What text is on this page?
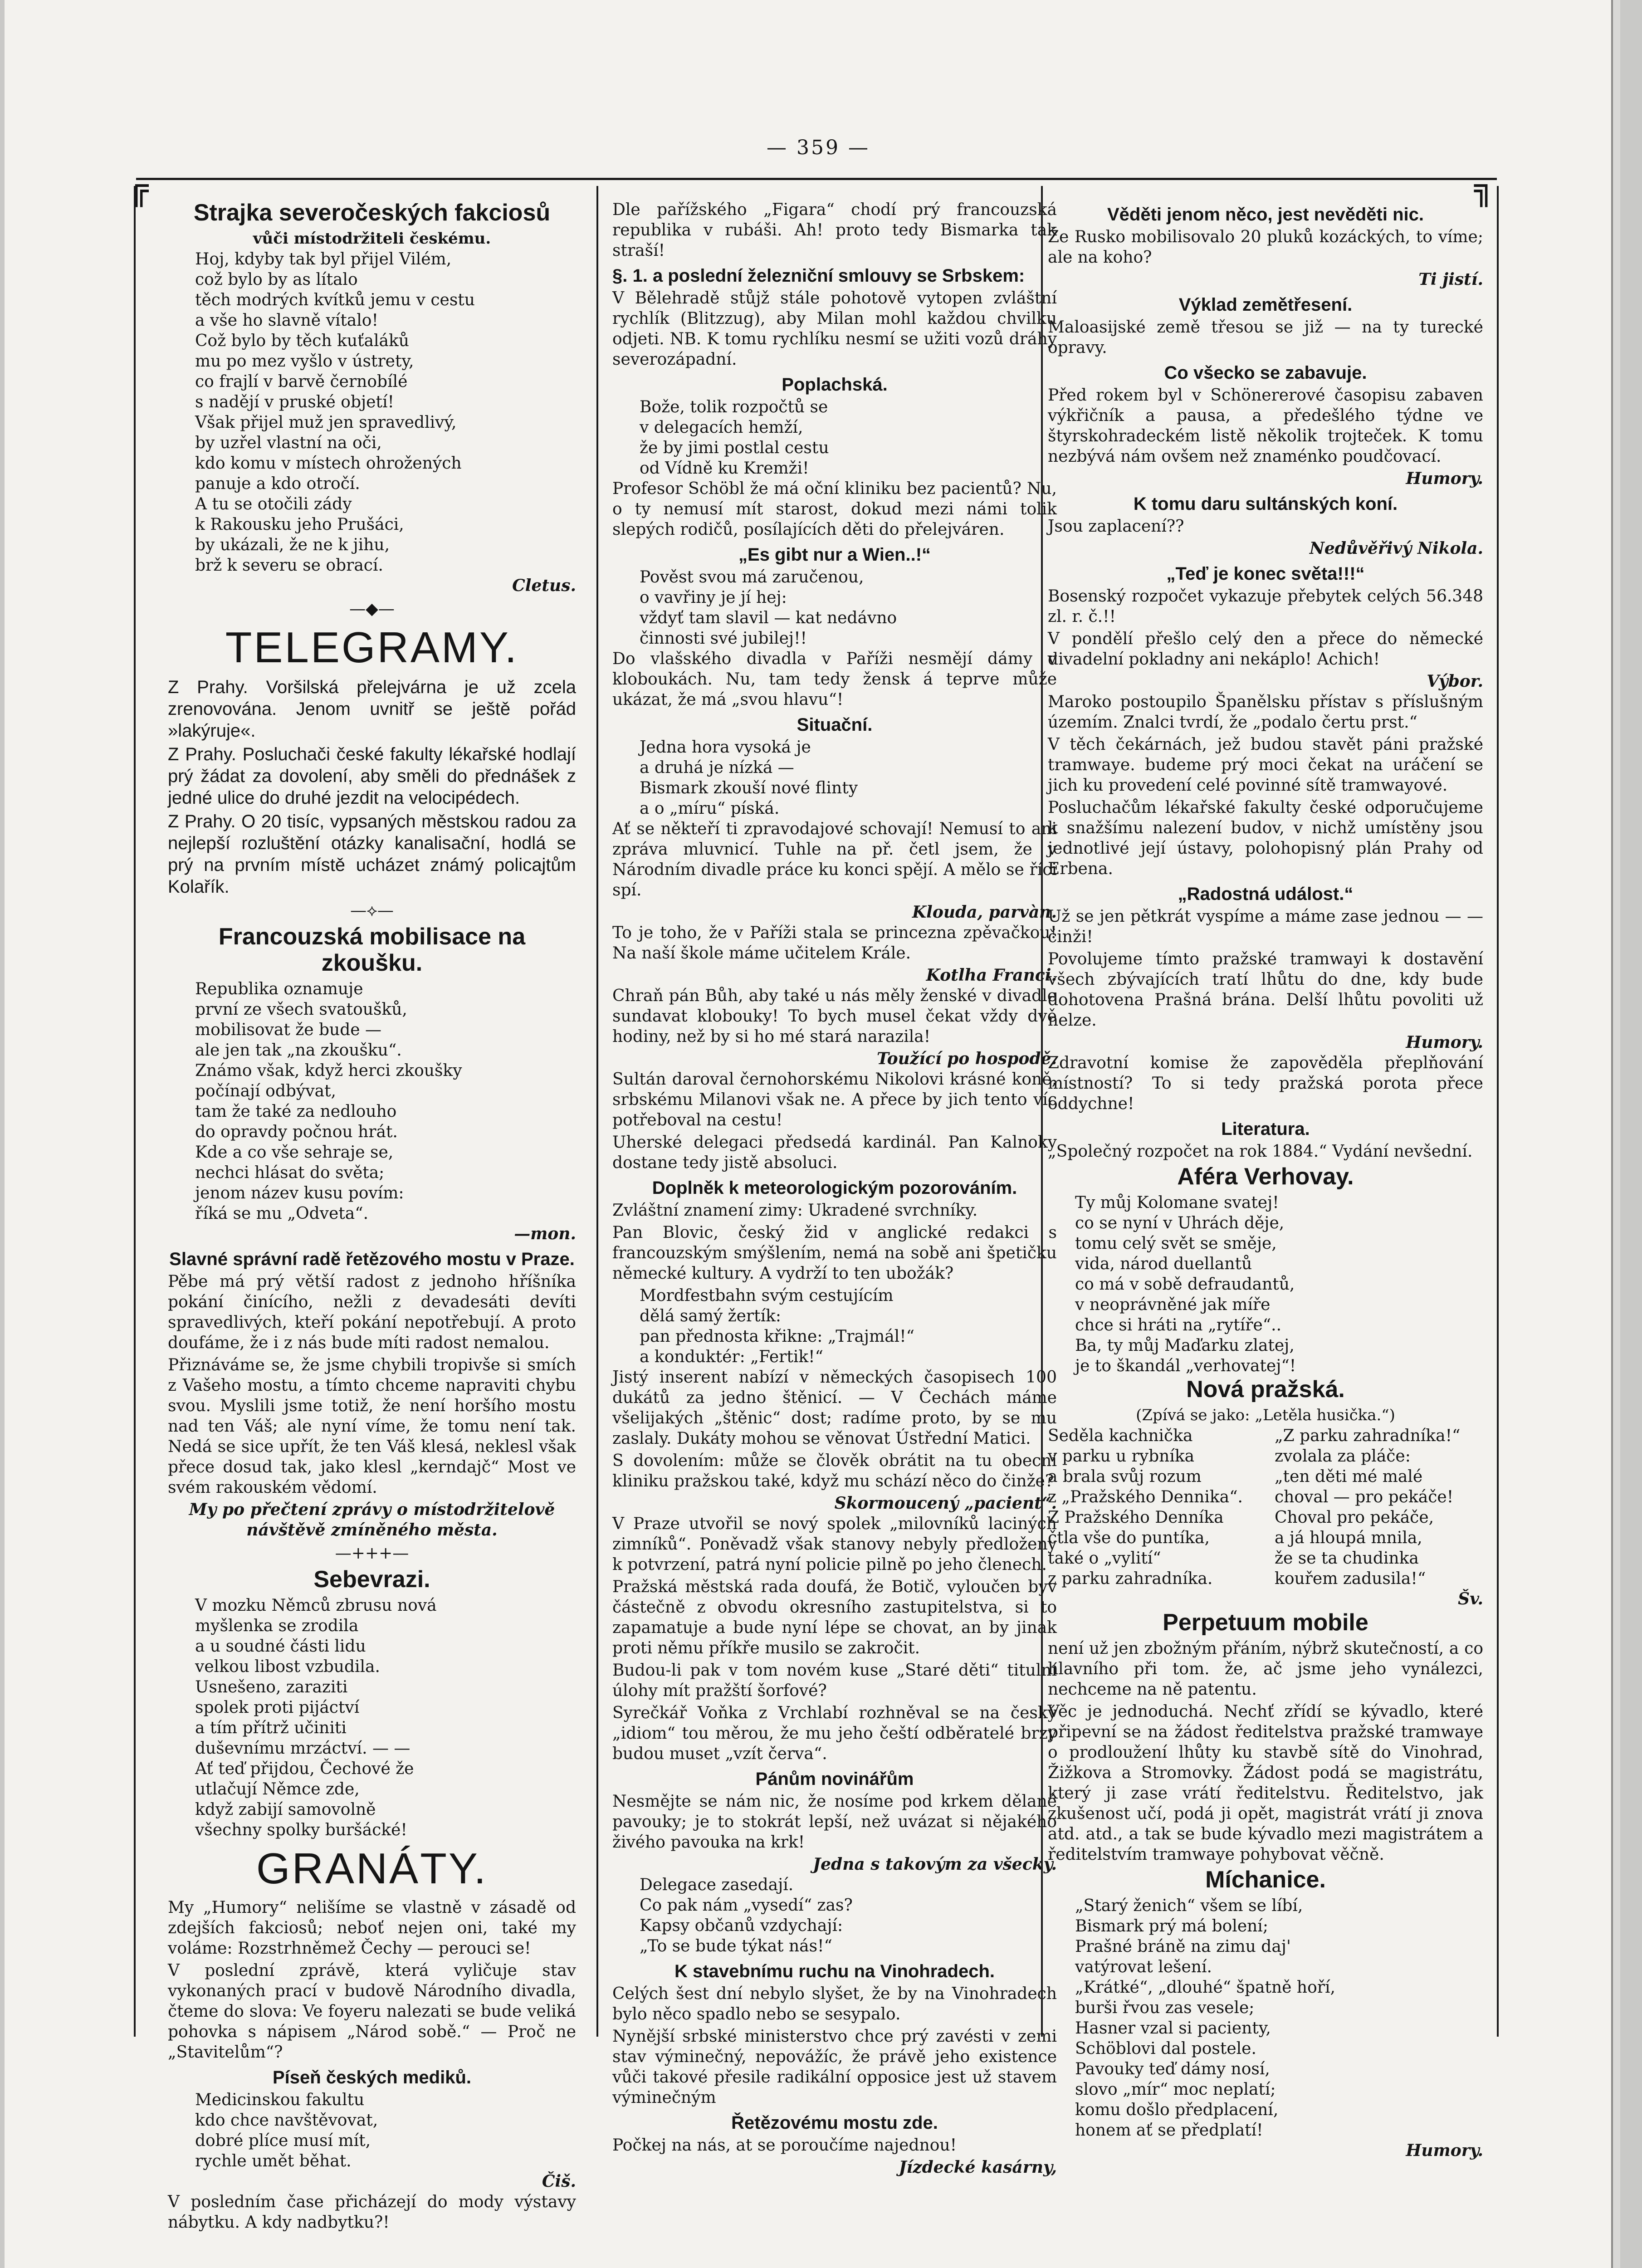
— 359 —
╔	╗
Strajka severočeských fakciosů
vůči místodržiteli českému.
Hoj, kdyby tak byl přijel Vilém,
což bylo by as lítalo
těch modrých kvítků jemu v cestu
a vše ho slavně vítalo!
Což bylo by těch kuťaláků
mu po mez vyšlo v ústrety,
co frajlí v barvě černobílé
s nadějí v pruské objetí!
Však přijel muž jen spravedlivý,
by uzřel vlastní na oči,
kdo komu v místech ohrožených
panuje a kdo otročí.
A tu se otočili zády
k Rakousku jeho Prušáci,
by ukázali, že ne k jihu,
brž k severu se obrací.
Cletus.
—◆—
TELEGRAMY.

Z Prahy. Voršilská přelejvárna je už zcela zrenovována. Jenom uvnitř se ještě pořád »lakýruje«.

Z Prahy. Posluchači české fakulty lékařské hodlají prý žádat za dovolení, aby směli do přednášek z jedné ulice do druhé jezdit na velocipédech.

Z Prahy. O 20 tisíc, vypsaných městskou radou za nejlepší rozluštění otázky kanalisační, hodlá se prý na prvním místě ucházet známý policajtům Kolařík.

—⟡—
Francouzská mobilisace na zkoušku.
Republika oznamuje
první ze všech svatoušků,
mobilisovat že bude —
ale jen tak „na zkoušku“.
Známo však, když herci zkoušky
počínají odbývat,
tam že také za nedlouho
do opravdy počnou hrát.
Kde a co vše sehraje se,
nechci hlásat do světa;
jenom název kusu povím:
říká se mu „Odveta“.
—mon.
Slavné správní radě řetězového mostu v Praze.

Pěbe má prý větší radost z jednoho hříšníka pokání činícího, nežli z devadesáti devíti spravedlivých, kteří pokání nepotřebují. A proto doufáme, že i z nás bude míti radost nemalou.

Přiznáváme se, že jsme chybili tropivše si smích z Vašeho mostu, a tímto chceme napraviti chybu svou. Myslili jsme totiž, že není horšího mostu nad ten Váš; ale nyní víme, že tomu není tak. Nedá se sice upřít, že ten Váš klesá, neklesl však přece dosud tak, jako klesl „kerndajč“ Most ve svém rakouském vědomí.

My po přečtení zprávy o místodržitelově návštěvě zmíněného města.

—+++—
Sebevrazi.
V mozku Němců zbrusu nová
myšlenka se zrodila
a u soudné části lidu
velkou libost vzbudila.
Usnešeno, zaraziti
spolek proti pijáctví
a tím přítrž učiniti
duševnímu mrzáctví. — —
Ať teď přijdou, Čechové že
utlačují Němce zde,
když zabijí samovolně
všechny spolky buršácké!
GRANÁTY.

My „Humory“ nelišíme se vlastně v zásadě od zdejších fakciosů; neboť nejen oni, také my voláme: Rozstrhněmež Čechy — perouci se!

V poslední zprávě, která vyličuje stav vykonaných prací v budově Národního divadla, čteme do slova: Ve foyeru nalezati se bude veliká pohovka s nápisem „Národ sobě.“ — Proč ne „Stavitelům“?

Píseň českých mediků.
Medicinskou fakultu
kdo chce navštěvovat,
dobré plíce musí mít,
rychle umět běhat.
Čiš.

V posledním čase přicházejí do mody výstavy nábytku. A kdy nadbytku?!

Dle pařížského „Figara“ chodí prý francouzská republika v rubáši. Ah! proto tedy Bismarka tak straší!

§. 1. a poslední železniční smlouvy se Srbskem:

V Bělehradě stůjž stále pohotově vytopen zvláštní rychlík (Blitzzug), aby Milan mohl každou chvilku odjeti. NB. K tomu rychlíku nesmí se užiti vozů dráhy severozápadní.

Poplachská.
Bože, tolik rozpočtů se
v delegacích hemží,
že by jimi postlal cestu
od Vídně ku Kremži!

Profesor Schöbl že má oční kliniku bez pacientů? Nu, o ty nemusí mít starost, dokud mezi námi tolik slepých rodičů, posílajících děti do přelejváren.

„Es gibt nur a Wien..!“
Pověst svou má zaručenou,
o vavřiny je jí hej:
vždyť tam slavil — kat nedávno
činnosti své jubilej!!

Do vlašského divadla v Paříži nesmějí dámy v kloboukách. Nu, tam tedy žensk á teprve může ukázat, že má „svou hlavu“!

Situační.
Jedna hora vysoká je
a druhá je nízká —
Bismark zkouší nové flinty
a o „míru“ píská.

Ať se někteří ti zpravodajové schovají! Nemusí to ani zpráva mluvnicí. Tuhle na př. četl jsem, že v Národním divadle práce ku konci spějí. A mělo se říci spí.

Klouda, parvàn.

To je toho, že v Paříži stala se princezna zpěvačkou! Na naší škole máme učitelem Krále.

Kotlha Franci.

Chraň pán Bůh, aby také u nás měly ženské v divadle sundavat klobouky! To bych musel čekat vždy dvě hodiny, než by si ho mé stará narazila!

Toužící po hospodě.

Sultán daroval černohorskému Nikolovi krásné koně, srbskému Milanovi však ne. A přece by jich tento víc potřeboval na cestu!

Uherské delegaci předsedá kardinál. Pan Kalnoky dostane tedy jistě absoluci.

Doplněk k meteorologickým pozorováním.

Zvláštní znamení zimy: Ukradené svrchníky.

Pan Blovic, český žid v anglické redakci s francouzským smýšlením, nemá na sobě ani špetičku německé kultury. A vydrží to ten ubožák?

Mordfestbahn svým cestujícím
dělá samý žertík:
pan přednosta křikne: „Trajmál!“
a konduktér: „Fertik!“

Jistý inserent nabízí v německých časopisech 100 dukátů za jedno štěnicí. — V Čechách máme všelijakých „štěnic“ dost; radíme proto, by se mu zaslaly. Dukáty mohou se věnovat Ústřední Matici.

S dovolením: může se člověk obrátit na tu obecní kliniku pražskou také, když mu schází něco do činže?

Skormoucený „pacient“.

V Praze utvořil se nový spolek „milovníků laciných zimníků“. Poněvadž však stanovy nebyly předloženy k potvrzení, patrá nyní policie pilně po jeho členech.

Pražská městská rada doufá, že Botič, vyloučen byv částečně z obvodu okresního zastupitelstva, si to zapamatuje a bude nyní lépe se chovat, an by jinak proti němu příkře musilo se zakročit.

Budou-li pak v tom novém kuse „Staré děti“ titulní úlohy mít pražští šorfové?

Syrečkář Voňka z Vrchlabí rozhněval se na český „idiom“ tou měrou, že mu jeho čeští odběratelé brzy budou muset „vzít červa“.

Pánům novinářům

Nesmějte se nám nic, že nosíme pod krkem dělané pavouky; je to stokrát lepší, než uvázat si nějakého živého pavouka na krk!

Jedna s takovým za všecky.
Delegace zasedají.
Co pak nám „vysedí“ zas?
Kapsy občanů vzdychají:
„To se bude týkat nás!“
K stavebnímu ruchu na Vinohradech.

Celých šest dní nebylo slyšet, že by na Vinohradech bylo něco spadlo nebo se sesypalo.

Nynější srbské ministerstvo chce prý zavésti v zemi stav výminečný, nepovážíc, že právě jeho existence vůči takové přesile radikální opposice jest už stavem výminečným

Řetězovému mostu zde.

Počkej na nás, at se poroučíme najednou!

Jízdecké kasárny,
Věděti jenom něco, jest nevěděti nic.

Že Rusko mobilisovalo 20 pluků kozáckých, to víme; ale na koho?

Ti jistí.
Výklad zemětřesení.

Maloasijské země třesou se již — na ty turecké opravy.

Co všecko se zabavuje.

Před rokem byl v Schönererové časopisu zabaven výkřičník a pausa, a předešlého týdne ve štyrskohradeckém listě několik trojteček. K tomu nezbývá nám ovšem než znaménko poudčovací.

Humory.
K tomu daru sultánských koní.

Jsou zaplacení??

Nedůvěřivý Nikola.
„Teď je konec světa!!!“

Bosenský rozpočet vykazuje přebytek celých 56.348 zl. r. č.!!

V pondělí přešlo celý den a přece do německé divadelní pokladny ani nekáplo! Achich!

Výbor.

Maroko postoupilo Španělsku přístav s příslušným územím. Znalci tvrdí, že „podalo čertu prst.“

V těch čekárnách, jež budou stavět páni pražské tramwaye. budeme prý moci čekat na uráčení se jich ku provedení celé povinné sítě tramwayové.

Posluchačům lékařské fakulty české odporučujeme k snažšímu nalezení budov, v nichž umístěny jsou jednotlivé její ústavy, polohopisný plán Prahy od Erbena.

„Radostná událost.“

Už se jen pětkrát vyspíme a máme zase jednou — — činži!

Povolujeme tímto pražské tramwayi k dostavění všech zbývajících tratí lhůtu do dne, kdy bude dohotovena Prašná brána. Delší lhůtu povoliti už nelze.

Humory.

Zdravotní komise že zapovědělа přeplňování místností? To si tedy pražská porota přece oddychne!

Literatura.

„Společný rozpočet na rok 1884.“ Vydání nevšední.

Aféra Verhovay.
Ty můj Kolomane svatej!
co se nyní v Uhrách děje,
tomu celý svět se směje,
vida, národ duellantů
co má v sobě defraudantů,
v neoprávněné jak míře
chce si hráti na „rytíře“..
Ba, ty můj Maďarku zlatej,
je to škandál „verhovatej“!
Nová pražská.
(Zpívá se jako: „Letěla husička.“)
Seděla kachnička
v parku u rybníka
a brala svůj rozum
z „Pražského Dennika“.
Z Pražského Denníka
čtla vše do puntíka,
také o „vylití“
z parku zahradníka.
„Z parku zahradníka!“
zvolala za pláče:
„ten děti mé malé
choval — pro pekáče!
Choval pro pekáče,
a já hloupá mnila,
že se ta chudinka
kouřem zadusila!“
Šv.
Perpetuum mobile

není už jen zbožným přáním, nýbrž skutečností, a co hlavního při tom. že, ač jsme jeho vynálezci, nechceme na ně patentu.

Věc je jednoduchá. Nechť zřídí se kývadlo, které připevní se na žádost ředitelstva pražské tramwaye o prodloužení lhůty ku stavbě sítě do Vinohrad, Žižkova a Stromovky. Žádost podá se magistrátu, který ji zase vrátí ředitelstvu. Ředitelstvo, jak zkušenost učí, podá ji opět, magistrát vrátí ji znova atd. atd., a tak se bude kývadlo mezi magistrátem a ředitelstvím tramwaye pohybovat věčně.

Míchanice.
„Starý ženich“ všem se líbí,
Bismark prý má bolení;
Prašné bráně na zimu daj'
vatýrovat lešení.
„Krátké“, „dlouhé“ špatně hoří,
burši řvou zas vesele;
Hasner vzal si pacienty,
Schöblovi dal postele.
Pavouky teď dámy nosí,
slovo „mír“ moc neplatí;
komu došlo předplacení,
honem ať se předplatí!
Humory.
